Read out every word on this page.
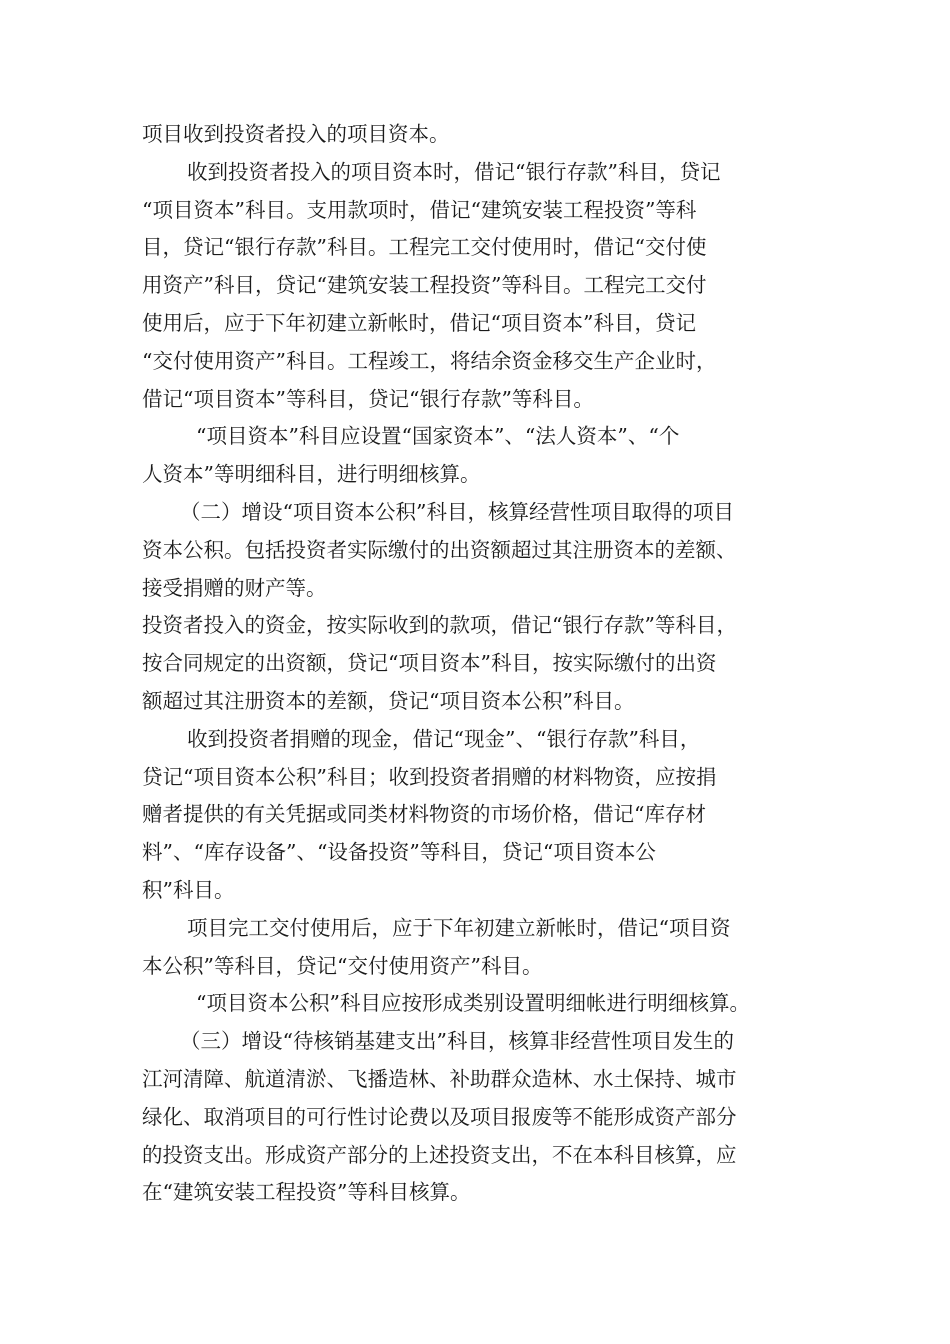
项目收到投资者投入的项目资本。
收到投资者投入的项目资本时，借记“银行存款”科目，贷记
“项目资本”科目。支用款项时，借记“建筑安装工程投资”等科
目，贷记“银行存款”科目。工程完工交付使用时，借记“交付使
用资产”科目，贷记“建筑安装工程投资”等科目。工程完工交付
使用后，应于下年初建立新帐时，借记“项目资本”科目，贷记
“交付使用资产”科目。工程竣工，将结余资金移交生产企业时，
借记“项目资本”等科目，贷记“银行存款”等科目。
“项目资本”科目应设置“国家资本”、“法人资本”、“个
人资本”等明细科目，进行明细核算。
（二）增设“项目资本公积”科目，核算经营性项目取得的项目
资本公积。包括投资者实际缴付的出资额超过其注册资本的差额、
接受捐赠的财产等。
投资者投入的资金，按实际收到的款项，借记“银行存款”等科目，
按合同规定的出资额，贷记“项目资本”科目，按实际缴付的出资
额超过其注册资本的差额，贷记“项目资本公积”科目。
收到投资者捐赠的现金，借记“现金”、“银行存款”科目，
贷记“项目资本公积”科目；收到投资者捐赠的材料物资，应按捐
赠者提供的有关凭据或同类材料物资的市场价格，借记“库存材
料”、“库存设备”、“设备投资”等科目，贷记“项目资本公
积”科目。
项目完工交付使用后，应于下年初建立新帐时，借记“项目资
本公积”等科目，贷记“交付使用资产”科目。
“项目资本公积”科目应按形成类别设置明细帐进行明细核算。
（三）增设“待核销基建支出”科目，核算非经营性项目发生的
江河清障、航道清淤、飞播造林、补助群众造林、水土保持、城市
绿化、取消项目的可行性讨论费以及项目报废等不能形成资产部分
的投资支出。形成资产部分的上述投资支出，不在本科目核算，应
在“建筑安装工程投资”等科目核算。
